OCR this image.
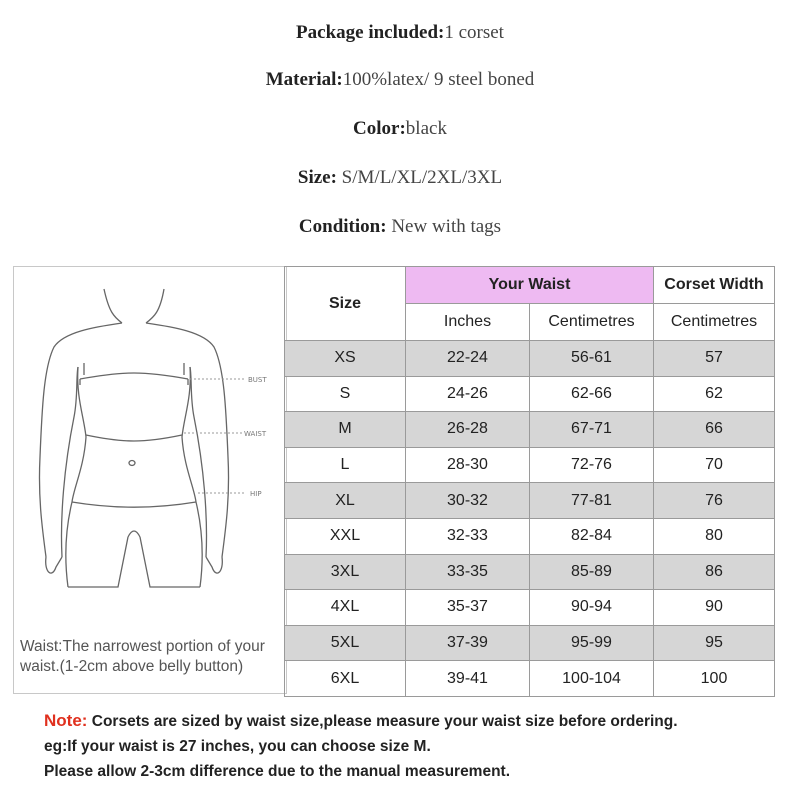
Package included:1 corset
Material:100%latex/ 9 steel boned
Color:black
Size: S/M/L/XL/2XL/3XL
Condition: New with tags
BUST
WAIST
HIP
Waist:The narrowest portion of your
waist.(1-2cm above belly button)
Size	Your Waist		Corset Width
	Inches	Centimetres	Centimetres
XS	22-24	56-61	57
S	24-26	62-66	62
M	26-28	67-71	66
L	28-30	72-76	70
XL	30-32	77-81	76
XXL	32-33	82-84	80
3XL	33-35	85-89	86
4XL	35-37	90-94	90
5XL	37-39	95-99	95
6XL	39-41	100-104	100
Note: Corsets are sized by waist size,please measure your waist size before ordering.
eg:If your waist is 27 inches, you can choose size M.
Please allow 2-3cm difference due to the manual measurement.
